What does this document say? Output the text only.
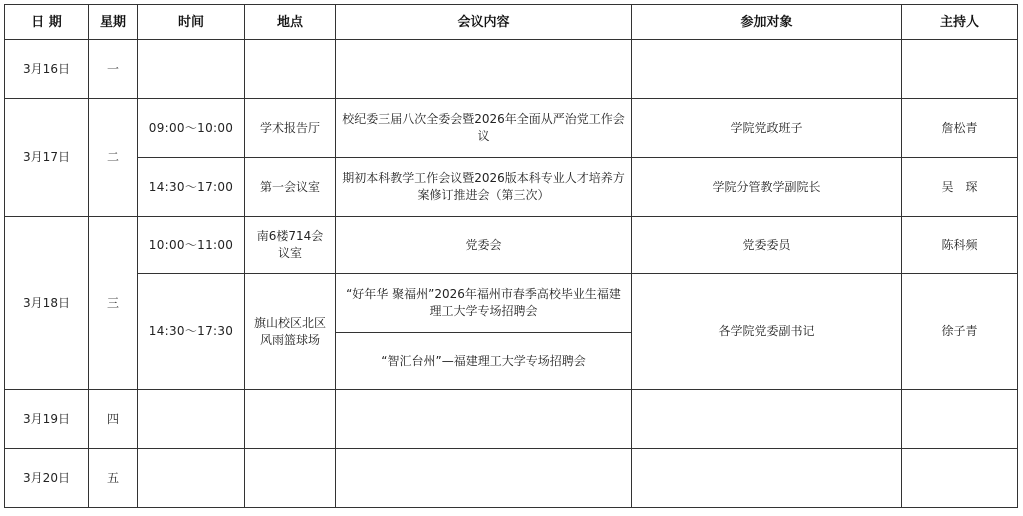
日 期	星期	时间	地点	会议内容	参加对象	主持人
3月16日	一					
3月17日	二	09:00～10:00	学术报告厅	校纪委三届八次全委会暨2026年全面从严治党工作会议	学院党政班子	詹松青
		14:30～17:00	第一会议室	期初本科教学工作会议暨2026版本科专业人才培养方案修订推进会（第三次）	学院分管教学副院长	吴　琛
3月18日	三	10:00～11:00	南6楼714会议室	党委会	党委委员	陈科频
		14:30～17:30	旗山校区北区风雨篮球场	“好年华 聚福州”2026年福州市春季高校毕业生福建理工大学专场招聘会	各学院党委副书记	徐子青
				“智汇台州”—福建理工大学专场招聘会		
3月19日	四					
3月20日	五					
